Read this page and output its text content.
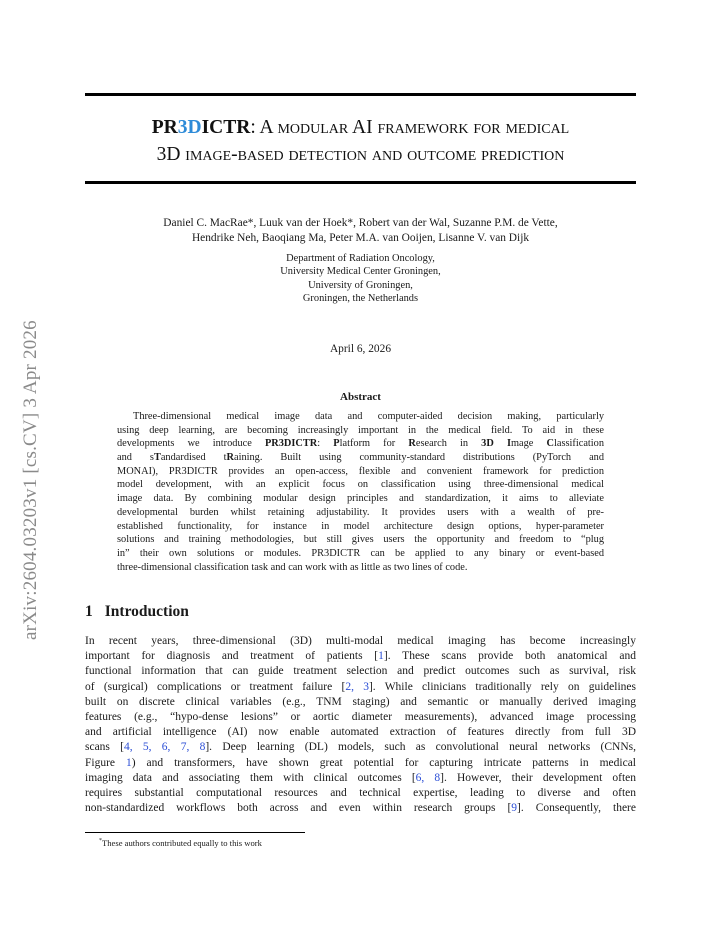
arXiv:2604.03203v1 [cs.CV] 3 Apr 2026
PR3DICTR: A modular AI framework for medical
3D image-based detection and outcome prediction
Daniel C. MacRae*, Luuk van der Hoek*, Robert van der Wal, Suzanne P.M. de Vette,
Hendrike Neh, Baoqiang Ma, Peter M.A. van Ooijen, Lisanne V. van Dijk
Department of Radiation Oncology,
University Medical Center Groningen,
University of Groningen,
Groningen, the Netherlands
April 6, 2026
Abstract
Three-dimensional medical image data and computer-aided decision making, particularly
using deep learning, are becoming increasingly important in the medical field. To aid in these
developments we introduce PR3DICTR: Platform for Research in 3D Image Classification
and sTandardised tRaining. Built using community-standard distributions (PyTorch and
MONAI), PR3DICTR provides an open-access, flexible and convenient framework for prediction
model development, with an explicit focus on classification using three-dimensional medical
image data. By combining modular design principles and standardization, it aims to alleviate
developmental burden whilst retaining adjustability. It provides users with a wealth of pre-
established functionality, for instance in model architecture design options, hyper-parameter
solutions and training methodologies, but still gives users the opportunity and freedom to “plug
in” their own solutions or modules. PR3DICTR can be applied to any binary or event-based
three-dimensional classification task and can work with as little as two lines of code.
1 Introduction
In recent years, three-dimensional (3D) multi-modal medical imaging has become increasingly
important for diagnosis and treatment of patients [1]. These scans provide both anatomical and
functional information that can guide treatment selection and predict outcomes such as survival, risk
of (surgical) complications or treatment failure [2, 3]. While clinicians traditionally rely on guidelines
built on discrete clinical variables (e.g., TNM staging) and semantic or manually derived imaging
features (e.g., “hypo-dense lesions” or aortic diameter measurements), advanced image processing
and artificial intelligence (AI) now enable automated extraction of features directly from full 3D
scans [4, 5, 6, 7, 8]. Deep learning (DL) models, such as convolutional neural networks (CNNs,
Figure 1) and transformers, have shown great potential for capturing intricate patterns in medical
imaging data and associating them with clinical outcomes [6, 8]. However, their development often
requires substantial computational resources and technical expertise, leading to diverse and often
non-standardized workflows both across and even within research groups [9]. Consequently, there
*These authors contributed equally to this work
